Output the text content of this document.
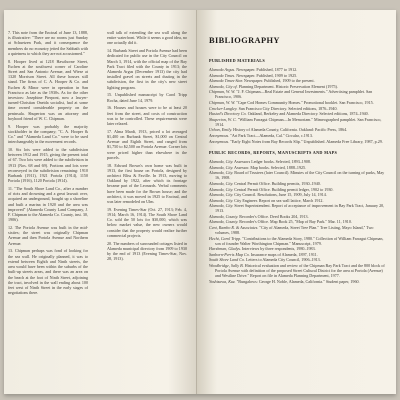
7. This note from the Encinal of June 13, 1888, is illustrative: "There are no rooms just Sunday at Schuetzen Park, and it consequence the members do no ecountry jetted the Sabbath with a quietness to which they are not accustomed."

8. Hooper lived at 1218 Hawthorne Street, Eschen at the southwest corner of Caroline Street and San Antonio Avenue, and Wiese at 1320 Morrison Street. All these houses still stand. The firms of C. A. Hooper & Co. and Eschen & Minor were in operation in San Francisco as late as the 1930s. As for the other investors: Josephine Pierpont, now a lawyer-turned-Christian Oneida socialist, had at some time owned considerable property on the peninsula. Shuperton was an attorney and boyhood friend of W. C. Chipman.

9. Hooper was probably the majority stockholder in the company; "C. A. Hooper & Co." and "Alameda Land Co." were to be used interchangeably in the movement records.

10. Six lots were added to the subdivision between 1912 and 1915, giving the present total of 67. Two lots were added to the subdivision in 1913 (Nos. 68 and 69). Portions and lots were reconveyed in the subdivision remaining: 1910 Burbank (1911), 1921 Portola (1914), 1150 Portola (1916), 1120 Portola (1914).

11. "The South Shore Land Co., after a number of riots and drowning and a great lawsuit over, acquired an underground, bought up a shoreline and built a marina in 1920 and the area was improved" (Alameda County Land Company, J. F. Chipman to the Alameda Co. County, inst. 30, 1906).

12. The Portola Avenue was built in the mid-sixties; the street was originally Chipman Avenue and then Portola Avenue and Northern Avenue.

13. Chipman perhaps was fond of looking for the sea wall. He originally planned, it was to extend between Eighth and Ninth streets, the area would have been within the suburbs of the built-up streets areas, and there was an area on the beach at the foot of Ninth Street, adjoining the tract, involved in the wall ending about 100 feet west of Ninth Street in the early stages of negotiations there.

wall talk of extending the sea wall along the entire waterfront. While it seems a good idea, no one actually did it.

14. Burbank Street and Portola Avenue had been dedicated for public use in the City Council on March 3, 1914, with the official map of the Bay Park Tract filed with the County in 1913; the Alameda Argus (December 1913) the city had installed gravel on streets and dusting in the subdivision, the first in the city's new street lighting program.

15. Unpublished manuscript by Carol Tripp Rocha, dated June 14, 1979.

16. Houses and houses were to be at least 20 feet from the street, and costs of construction was to be controlled. These requirements were later relaxed.

17. Alma Mardi, 1913, priced a lot averaged $1,400 on Burbank Street, $1,000 on Central Avenue and Eighth Street, and ranged from $1,750 to $2,500 on Portola Avenue. Corner lots were priced higher than elsewhere in the parcels.

18. Edward Brown's own home was built in 1913, the first house on Portola, designed by architect Bliss & Faville. In 1913, moving to Oakland by 1922, after which its frontage became part of the Leonards. Verbal comments have been made for the Brown house; and the architect, it was moved in 1925 to Encinal, and was later remodeled on Ulm.

19. Evening Times-Star (Oct. 27, 1913; Feb. 4, 1914; March 16, 1914). The South Shore Land Co. sold the 50 lots for $30,000, which was below market value, the new owners would consider that the property would realize further commercial projects.

20. The numbers of surrounded cottages listed in Alameda municipal directory from 1909 to 1930 by the end of 1913 (Evening Times-Star, Nov. 28, 1913).

BIBLIOGRAPHY
PUBLISHED MATERIALS

Alameda Argus. Newspaper. Published, 1877 to 1912.

Alameda Times. Newspaper. Published, 1909 to 1925.

Alameda Times-Star. Newspaper. Published, 1909 to the present.

Alameda, City of. Planning Department. Historic Preservation Element (1975).

Chipman, W. W. "J. F. Chipman—Real Estate and General Investments." Advertising pamphlet. San Francisco, 1906.

Chipman, W. W. "Cape Cod Homes Community Homes." Promotional booklet. San Francisco, 1915.

Crocker-Langley. San Francisco City Directory. Selected editions, 1876–1940.

Husted's Directory Co. Oakland, Berkeley and Alameda Directory. Selected editions, 1874–1940.

Shuperton, W. C. "William Farragut Chipman—In Memoriam." Mimeographed pamphlet. San Francisco, 1914.

Urban, Emily. History of Alameda County, California. Oakland: Pacific Press, 1864.

Anonymous. "Art Park Tract—Alameda, Cal." Circular, c.1913.

Anonymous. "Early Eight Notes from Bay Records Slip." Unpublished. Alameda Free Library, 1987, p.29.

PUBLIC RECORDS, REPORTS, MANUSCRIPTS AND MAPS

Alameda, City. Assessors Ledger books. Selected, 1893–1908.

Alameda, City. Assessor. Map books. Selected, 1888–1925.

Alameda, City. Board of Trustees (later Council). Minutes of the City Council on the turning of parks, May 16, 1908.

Alameda, City. Central Permit Office. Building permits, 1930–1940.

Alameda, City. Central Permit Office. Building permit ledger, 1902 to 1930.

Alameda, City. City Council. Resolutions, June 15, 1909, July 14, 1914.

Alameda, City. City Engineer. Report on sea wall lattice, March 1912.

Alameda, City. Street Superintendent. Report of acceptance of improvement in Bay Park Tract, January 20, 1913.

Alameda, County. Recorder's Office. Deed Books 204, 1913.

Alameda, County. Recorder's Office. Map Book 25, "Map of Bay Park." Mar. 11, 1910.

Cent, Rambo R. & Associates. "City of Alameda, Street Tree Plan." Tree Listing, Mayo Island," Two volumes, 1988.

Hecht, Carol Tripp. "Contributions to the Alameda Story, 1980." Collection of William Farragut Chipman, son of founder Walter Worthington Chipman." Manuscript, 1979.

Harshman, Gladys. Interviews by three respondents, 1980–1983.

Sanborn-Perris Map Co. Insurance maps of Alameda, 1897, 1911.

South Shore Land Co. Letters to Alameda City Council, 1906–1913.

Woodbridge, Sally B. Historical evaluation and review of the Chipman Bay Park Tract and the 800 block of Portola Avenue with definition of the proposed Street Cultural District for the area at Portola (Avenue) and Westline Drive." Report on file in Alameda Planning Department, 1977.

Yoshizawa, Kuz. "Bungalows: George H. Noble, Alameda, California." Student paper, 1960.
